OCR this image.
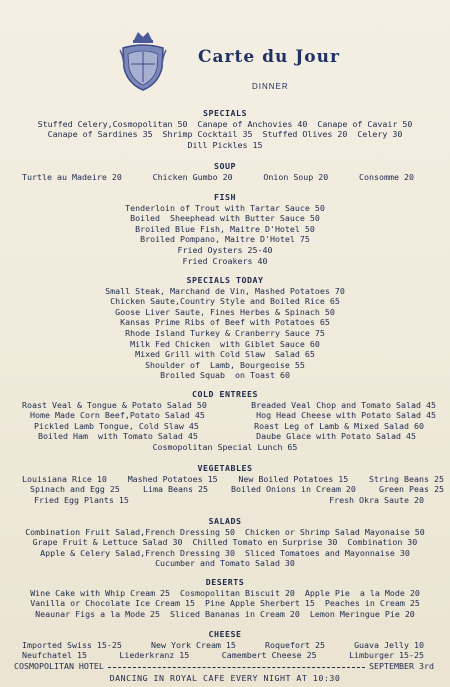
Carte du Jour
DINNER
SPECIALS
Stuffed Celery,Cosmopolitan 50  Canape of Anchovies 40  Canape of Cavair 50
Canape of Sardines 35  Shrimp Cocktail 35  Stuffed Olives 20  Celery 30
Dill Pickles 15
SOUP
Turtle au Madeire 20	Chicken Gumbo 20	Onion Soup 20	Consomme 20
FISH
Tenderloin of Trout with Tartar Sauce 50
Boiled  Sheephead with Butter Sauce 50
Broiled Blue Fish, Maitre D'Hotel 50
Broiled Pompano, Maitre D'Hotel 75
Fried Oysters 25-40
Fried Croakers 40
SPECIALS TODAY
Small Steak, Marchand de Vin, Mashed Potatoes 70
Chicken Saute,Country Style and Boiled Rice 65
Goose Liver Saute, Fines Herbes & Spinach 50
Kansas Prime Ribs of Beef with Potatoes 65
Rhode Island Turkey & Cranberry Sauce 75
Milk Fed Chicken  with Giblet Sauce 60
Mixed Grill with Cold Slaw  Salad 65
Shoulder of  Lamb, Bourgeoise 55
Broiled Squab  on Toast 60
COLD ENTREES
Roast Veal & Tongue & Potato Salad 50	Breaded Veal Chop and Tomato Salad 45
Home Made Corn Beef,Potato Salad 45	Hog Head Cheese with Potato Salad 45
Pickled Lamb Tongue, Cold Slaw 45	Roast Leg of Lamb & Mixed Salad 60
Boiled Ham  with Tomato Salad 45	Daube Glace with Potato Salad 45
Cosmopolitan Special Lunch 65
VEGETABLES
Louisiana Rice 10	Mashed Potatoes 15	New Boiled Potatoes 15	String Beans 25
Spinach and Egg 25	Lima Beans 25	Boiled Onions in Cream 20	Green Peas 25
Fried Egg Plants 15	Fresh Okra Saute 20
SALADS
Combination Fruit Salad,French Dressing 50  Chicken or Shrimp Salad Mayonaise 50
Grape Fruit & Lettuce Salad 30  Chilled Tomato en Surprise 30  Combination 30
Apple & Celery Salad,French Dressing 30  Sliced Tomatoes and Mayonnaise 30
Cucumber and Tomato Salad 30
DESERTS
Wine Cake with Whip Cream 25  Cosmopolitan Biscuit 20  Apple Pie  a la Mode 20
Vanilla or Chocolate Ice Cream 15  Pine Apple Sherbert 15  Peaches in Cream 25
Neaunar Figs a la Mode 25  Sliced Bananas in Cream 20  Lemon Meringue Pie 20
CHEESE
Imported Swiss 15-25	New York Cream 15	Roquefort 25	Guava Jelly 10
Neufchatel 15	Liederkranz 15	Camembert Cheese 25	Limburger 15-25
COSMOPOLITAN HOTEL	SEPTEMBER 3rd
DANCING IN ROYAL CAFE EVERY NIGHT AT 10:30
